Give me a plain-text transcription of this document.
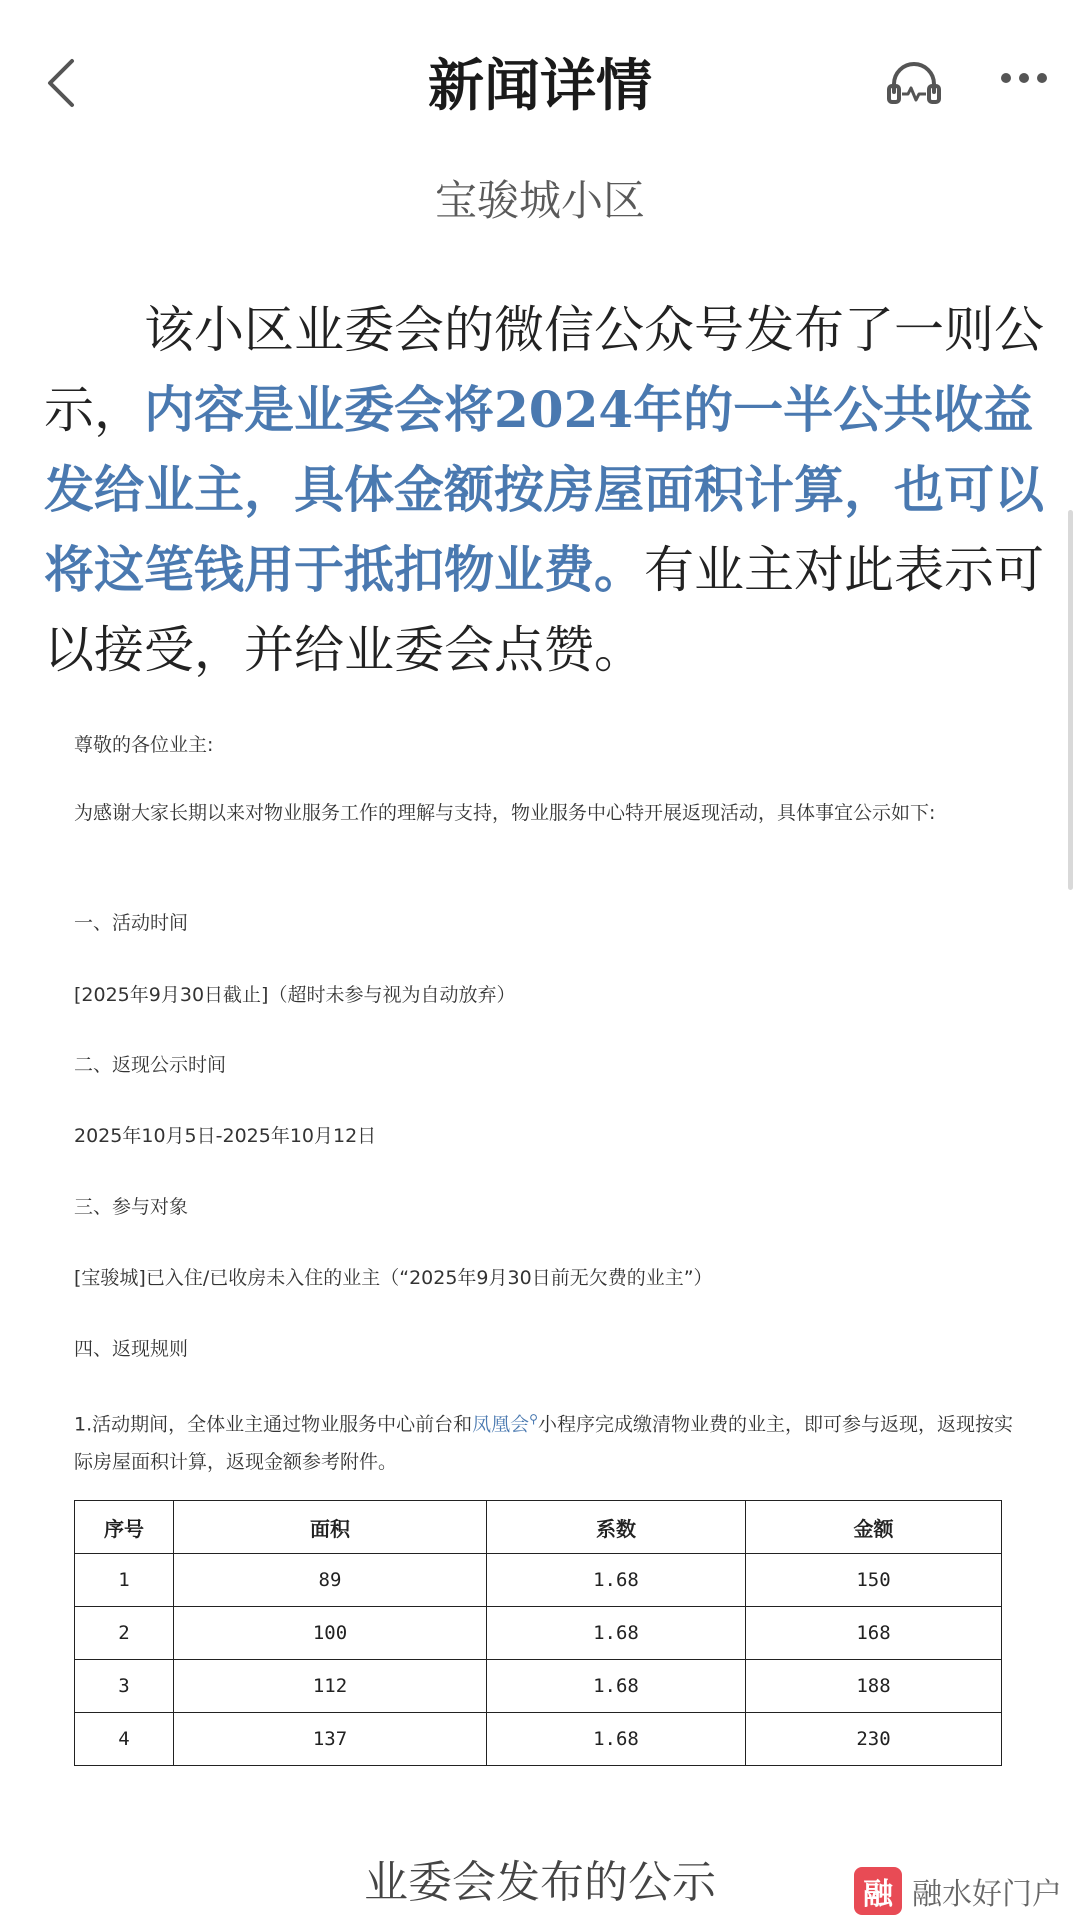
新闻详情
宝骏城小区

该小区业委会的微信公众号发布了一则公示，内容是业委会将2024年的一半公共收益发给业主，具体金额按房屋面积计算，也可以将这笔钱用于抵扣物业费。有业主对此表示可以接受，并给业委会点赞。

尊敬的各位业主:

为感谢大家长期以来对物业服务工作的理解与支持，物业服务中心特开展返现活动，具体事宜公示如下:

一、活动时间

[2025年9月30日截止]（超时未参与视为自动放弃）

二、返现公示时间

2025年10月5日-2025年10月12日

三、参与对象

[宝骏城]已入住/已收房未入住的业主（“2025年9月30日前无欠费的业主”）

四、返现规则

1.活动期间，全体业主通过物业服务中心前台和凤凰会⚲小程序完成缴清物业费的业主，即可参与返现，返现按实际房屋面积计算，返现金额参考附件。

序号	面积	系数	金额
1	89	1.68	150
2	100	1.68	168
3	112	1.68	188
4	137	1.68	230
业委会发布的公示	融 融水好门户
